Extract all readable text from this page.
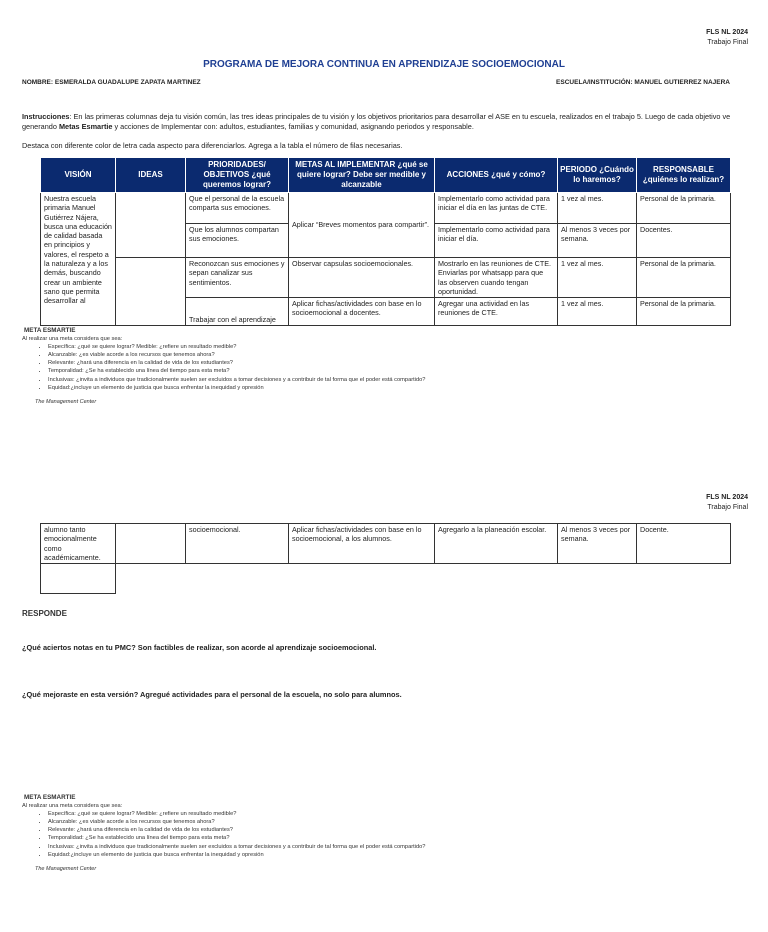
FLS NL 2024
Trabajo Final
PROGRAMA DE MEJORA CONTINUA EN APRENDIZAJE SOCIOEMOCIONAL
NOMBRE: ESMERALDA GUADALUPE ZAPATA MARTINEZ	ESCUELA/INSTITUCIÓN: MANUEL GUTIERREZ NAJERA
Instrucciones: En las primeras columnas deja tu visión común, las tres ideas principales de tu visión y los objetivos prioritarios para desarrollar el ASE en tu escuela, realizados en el trabajo 5. Luego de cada objetivo ve generando Metas Esmartie y acciones de Implementar con: adultos, estudiantes, familias y comunidad, asignando periodos y responsable.
Destaca con diferente color de letra cada aspecto para diferenciarlos. Agrega a la tabla el número de filas necesarias.
VISIÓN	IDEAS	PRIORIDADES/ OBJETIVOS ¿qué queremos lograr?	METAS AL IMPLEMENTAR ¿qué se quiere lograr? Debe ser medible y alcanzable	ACCIONES ¿qué y cómo?	PERIODO ¿Cuándo lo haremos?	RESPONSABLE ¿quiénes lo realizan?
Nuestra escuela primaria Manuel Gutiérrez Nájera, busca una educación de calidad basada en principios y valores, el respeto a la naturaleza y a los demás, buscando crear un ambiente sano que permita desarrollar al		Que el personal de la escuela comparta sus emociones.	Aplicar “Breves momentos para compartir”.	Implementarlo como actividad para iniciar el día en las juntas de CTE.	1 vez al mes.	Personal de la primaria.
		Que los alumnos compartan sus emociones.		Implementarlo como actividad para iniciar el día.	Al menos 3 veces por semana.	Docentes.
		Reconozcan sus emociones y sepan canalizar sus sentimientos.	Observar capsulas socioemocionales.	Mostrarlo en las reuniones de CTE. Enviarlas por whatsapp para que las observen cuando tengan oportunidad.	1 vez al mes.	Personal de la primaria.
		Trabajar con el aprendizaje	Aplicar fichas/actividades con base en lo socioemocional a docentes.	Agregar una actividad en las reuniones de CTE.	1 vez al mes.	Personal de la primaria.
META ESMARTIE
Al realizar una meta considera que sea:
• Específica: ¿qué se quiere lograr? Medible: ¿refiere un resultado medible?
• Alcanzable: ¿es viable acorde a los recursos que tenemos ahora?
• Relevante: ¿hará una diferencia en la calidad de vida de los estudiantes?
• Temporalidad: ¿Se ha establecido una línea del tiempo para esta meta?
• Inclusivas: ¿invita a individuos que tradicionalmente suelen ser excluidos a tomar decisiones y a contribuir de tal forma que el poder está compartido?
• Equidad:¿incluye un elemento de justicia que busca enfrentar la inequidad y opresión
The Management Center
FLS NL 2024
Trabajo Final
alumno tanto emocionalmente como académicamente.		socioemocional.	Aplicar fichas/actividades con base en lo socioemocional, a los alumnos.	Agregarlo a la planeación escolar.	Al menos 3 veces por semana.	Docente.

RESPONDE
¿Qué aciertos notas en tu PMC? Son factibles de realizar, son acorde al aprendizaje socioemocional.
¿Qué mejoraste en esta versión? Agregué actividades para el personal de la escuela, no solo para alumnos.
META ESMARTIE
Al realizar una meta considera que sea:
• Específica: ¿qué se quiere lograr? Medible: ¿refiere un resultado medible?
• Alcanzable: ¿es viable acorde a los recursos que tenemos ahora?
• Relevante: ¿hará una diferencia en la calidad de vida de los estudiantes?
• Temporalidad: ¿Se ha establecido una línea del tiempo para esta meta?
• Inclusivas: ¿invita a individuos que tradicionalmente suelen ser excluidos a tomar decisiones y a contribuir de tal forma que el poder está compartido?
• Equidad:¿incluye un elemento de justicia que busca enfrentar la inequidad y opresión
The Management Center
